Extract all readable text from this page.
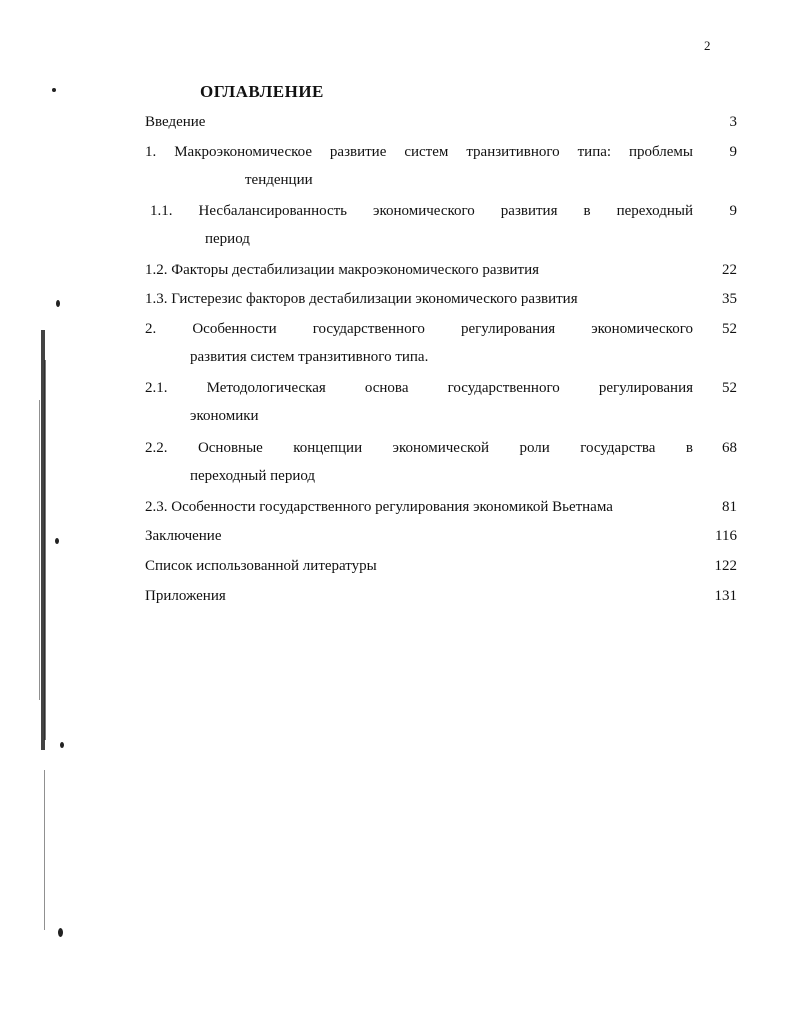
2
ОГЛАВЛЕНИЕ
Введение	3
1. Макроэкономическое развитие систем транзитивного типа: проблемы	9
тенденции
1.1. Несбалансированность экономического развития в переходный	9
период
1.2. Факторы дестабилизации макроэкономического развития	22
1.3. Гистерезис факторов дестабилизации экономического развития	35
2. Особенности государственного регулирования экономического	52
развития систем транзитивного типа.
2.1. Методологическая основа государственного регулирования	52
экономики
2.2. Основные концепции экономической роли государства в	68
переходный период
2.3. Особенности государственного регулирования экономикой Вьетнама	81
Заключение	116
Список использованной литературы	122
Приложения	131
